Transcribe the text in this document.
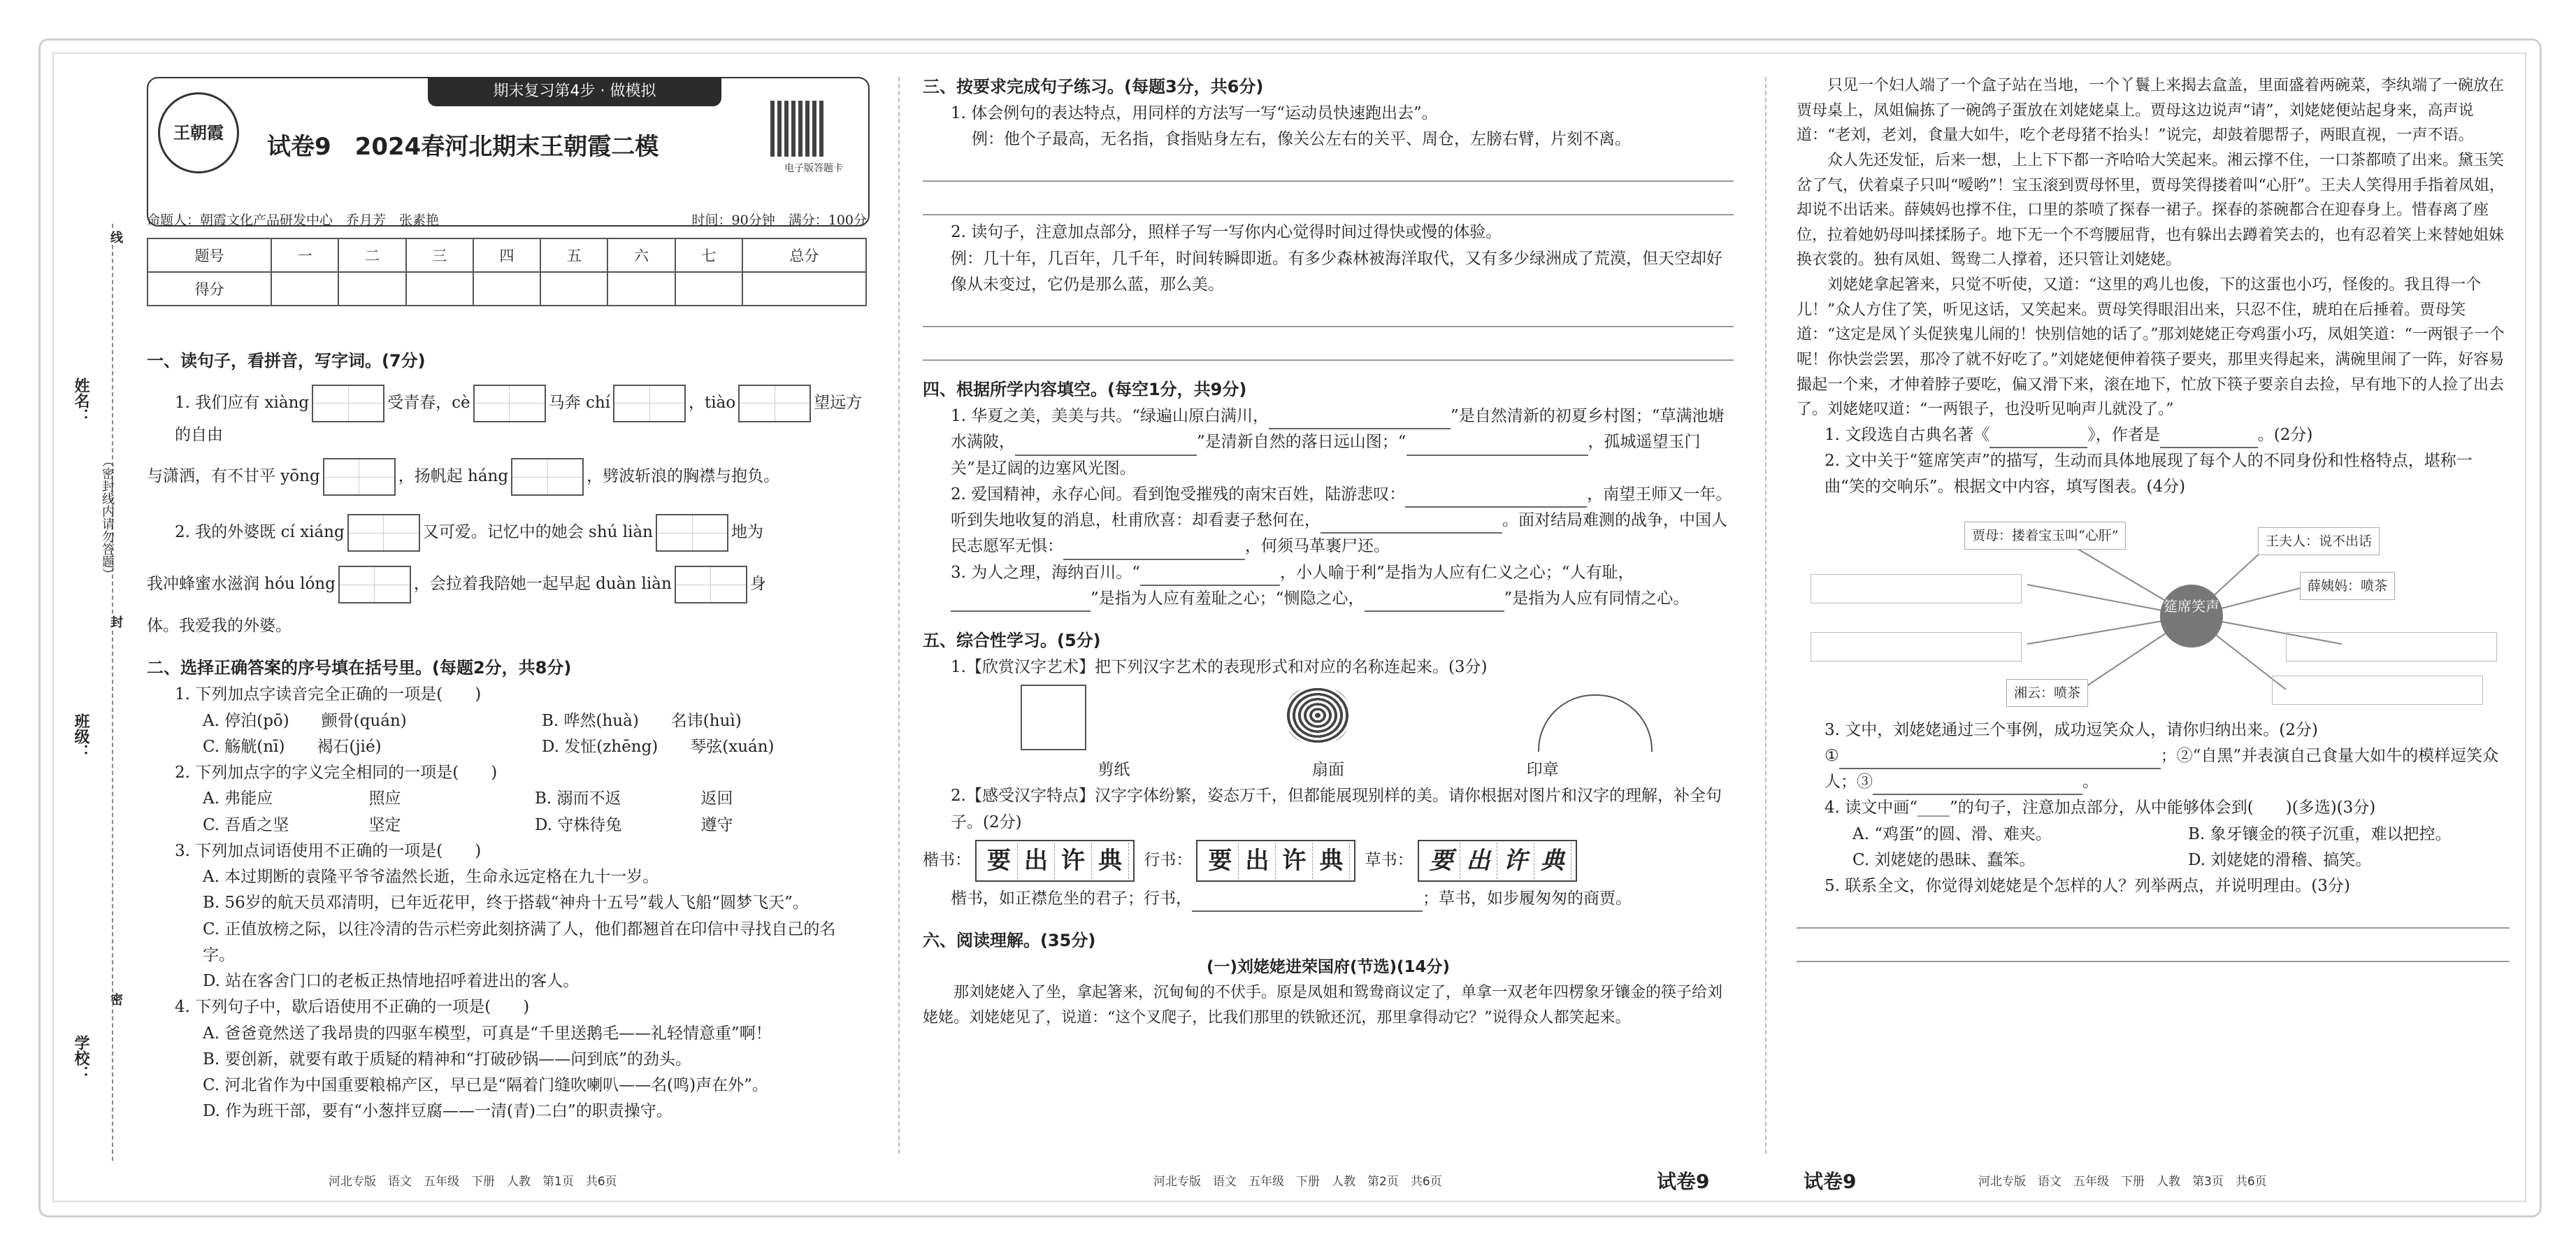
期末复习第4步 · 做模拟
王朝霞
试卷9　2024春河北期末王朝霞二模
电子版答题卡
命题人：朝霞文化产品研发中心　乔月芳　张素艳	时间：90分钟　满分：100分
题号	一	二	三	四	五	六	七	总分
得分								
姓名：
班级：
学校：
（密封线内请勿答题）
线
封
密

一、读句子，看拼音，写字词。(7分)

1. 我们应有 xiàng	受青春，cè	马奔 chí	，tiào	望远方的自由

与潇洒，有不甘平 yōng	，扬帆起 háng	，劈波斩浪的胸襟与抱负。

2. 我的外婆既 cí xiáng	又可爱。记忆中的她会 shú liàn	地为

我冲蜂蜜水滋润 hóu lóng	，会拉着我陪她一起早起 duàn liàn	身

体。我爱我的外婆。

二、选择正确答案的序号填在括号里。(每题2分，共8分)

1. 下列加点字读音完全正确的一项是(　　)

A. 停泊(pō)　　颤骨(quán)	B. 哗然(huà)　　名讳(huì)
C. 觞觥(nī)　　褐石(jié)	D. 发怔(zhēng)　　琴弦(xuán)

2. 下列加点字的字义完全相同的一项是(　　)

A. 弗能应	照应	B. 溺而不返	返回
C. 吾盾之坚	坚定	D. 守株待兔	遵守

3. 下列加点词语使用不正确的一项是(　　)

A. 本过期断的袁隆平爷爷溘然长逝，生命永远定格在九十一岁。

B. 56岁的航天员邓清明，已年近花甲，终于搭载“神舟十五号”载人飞船“圆梦飞天”。

C. 正值放榜之际，以往冷清的告示栏旁此刻挤满了人，他们都翘首在印信中寻找自己的名字。

D. 站在客舍门口的老板正热情地招呼着进出的客人。

4. 下列句子中，歇后语使用不正确的一项是(　　)

A. 爸爸竟然送了我昂贵的四驱车模型，可真是“千里送鹅毛——礼轻情意重”啊！

B. 要创新，就要有敢于质疑的精神和“打破砂锅——问到底”的劲头。

C. 河北省作为中国重要粮棉产区，早已是“隔着门缝吹喇叭——名(鸣)声在外”。

D. 作为班干部，要有“小葱拌豆腐——一清(青)二白”的职责操守。

河北专版　语文　五年级　下册　人教　第1页　共6页

三、按要求完成句子练习。(每题3分，共6分)

1. 体会例句的表达特点，用同样的方法写一写“运动员快速跑出去”。

例：他个子最高，无名指，食指贴身左右，像关公左右的关平、周仓，左膀右臂，片刻不离。

2. 读句子，注意加点部分，照样子写一写你内心觉得时间过得快或慢的体验。

例：几十年，几百年，几千年，时间转瞬即逝。有多少森林被海洋取代，又有多少绿洲成了荒漠，但天空却好像从未变过，它仍是那么蓝，那么美。

四、根据所学内容填空。(每空1分，共9分)

1. 华夏之美，美美与共。“绿遍山原白满川，	”是自然清新的初夏乡村图；“草满池塘水满陂，	”是清新自然的落日远山图；“	，孤城遥望玉门关”是辽阔的边塞风光图。

2. 爱国精神，永存心间。看到饱受摧残的南宋百姓，陆游悲叹：	，南望王师又一年。听到失地收复的消息，杜甫欣喜：却看妻子愁何在，	。面对结局难测的战争，中国人民志愿军无惧：	，何须马革裹尸还。

3. 为人之理，海纳百川。“	，小人喻于利”是指为人应有仁义之心；“人有耻，”是指为人应有羞耻之心；“恻隐之心，	”是指为人应有同情之心。

五、综合性学习。(5分)

1.【欣赏汉字艺术】把下列汉字艺术的表现形式和对应的名称连起来。(3分)

剪纸	扇面	印章

2.【感受汉字特点】汉字字体纷繁，姿态万千，但都能展现别样的美。请你根据对图片和汉字的理解，补全句子。(2分)

楷书： 要 出 许 典 行书： 要 出 许 典 草书： 要 出 许 典

楷书，如正襟危坐的君子；行书，	；草书，如步履匆匆的商贾。

六、阅读理解。(35分)

(一)刘姥姥进荣国府(节选)(14分)

那刘姥姥入了坐，拿起箸来，沉甸甸的不伏手。原是凤姐和鸳鸯商议定了，单拿一双老年四楞象牙镶金的筷子给刘姥姥。刘姥姥见了，说道：“这个叉爬子，比我们那里的铁锨还沉，那里拿得动它？”说得众人都笑起来。

河北专版　语文　五年级　下册　人教　第2页　共6页	试卷9

只见一个妇人端了一个盒子站在当地，一个丫鬟上来揭去盒盖，里面盛着两碗菜，李纨端了一碗放在贾母桌上，凤姐偏拣了一碗鸽子蛋放在刘姥姥桌上。贾母这边说声“请”，刘姥姥便站起身来，高声说道：“老刘，老刘，食量大如牛，吃个老母猪不抬头！”说完，却鼓着腮帮子，两眼直视，一声不语。

众人先还发怔，后来一想，上上下下都一齐哈哈大笑起来。湘云撑不住，一口茶都喷了出来。黛玉笑岔了气，伏着桌子只叫“嗳哟”！宝玉滚到贾母怀里，贾母笑得搂着叫“心肝”。王夫人笑得用手指着凤姐，却说不出话来。薛姨妈也撑不住，口里的茶喷了探春一裙子。探春的茶碗都合在迎春身上。惜春离了座位，拉着她奶母叫揉揉肠子。地下无一个不弯腰屈背，也有躲出去蹲着笑去的，也有忍着笑上来替她姐妹换衣裳的。独有凤姐、鸳鸯二人撑着，还只管让刘姥姥。

刘姥姥拿起箸来，只觉不听使，又道：“这里的鸡儿也俊，下的这蛋也小巧，怪俊的。我且得一个儿！”众人方住了笑，听见这话，又笑起来。贾母笑得眼泪出来，只忍不住，琥珀在后捶着。贾母笑道：“这定是凤丫头促狭鬼儿闹的！快别信她的话了。”那刘姥姥正夸鸡蛋小巧，凤姐笑道：“一两银子一个呢！你快尝尝罢，那冷了就不好吃了。”刘姥姥便伸着筷子要夹，那里夹得起来，满碗里闹了一阵，好容易撮起一个来，才伸着脖子要吃，偏又滑下来，滚在地下，忙放下筷子要亲自去捡，早有地下的人捡了出去了。刘姥姥叹道：“一两银子，也没听见响声儿就没了。”

1. 文段选自古典名著《	》，作者是	。(2分)

2. 文中关于“筵席笑声”的描写，生动而具体地展现了每个人的不同身份和性格特点，堪称一曲“笑的交响乐”。根据文中内容，填写图表。(4分)

贾母：搂着宝玉叫“心肝”	王夫人：说不出话
薛姨妈：喷茶
湘云：喷茶
筵席笑声

3. 文中，刘姥姥通过三个事例，成功逗笑众人，请你归纳出来。(2分)

①	；②“自黑”并表演自己食量大如牛的模样逗笑众人；③	。

4. 读文中画“____”的句子，注意加点部分，从中能够体会到(　　)(多选)(3分)

A. “鸡蛋”的圆、滑、难夹。	B. 象牙镶金的筷子沉重，难以把控。
C. 刘姥姥的愚昧、蠢笨。	D. 刘姥姥的滑稽、搞笑。

5. 联系全文，你觉得刘姥姥是个怎样的人？列举两点，并说明理由。(3分)

试卷9	河北专版　语文　五年级　下册　人教　第3页　共6页
